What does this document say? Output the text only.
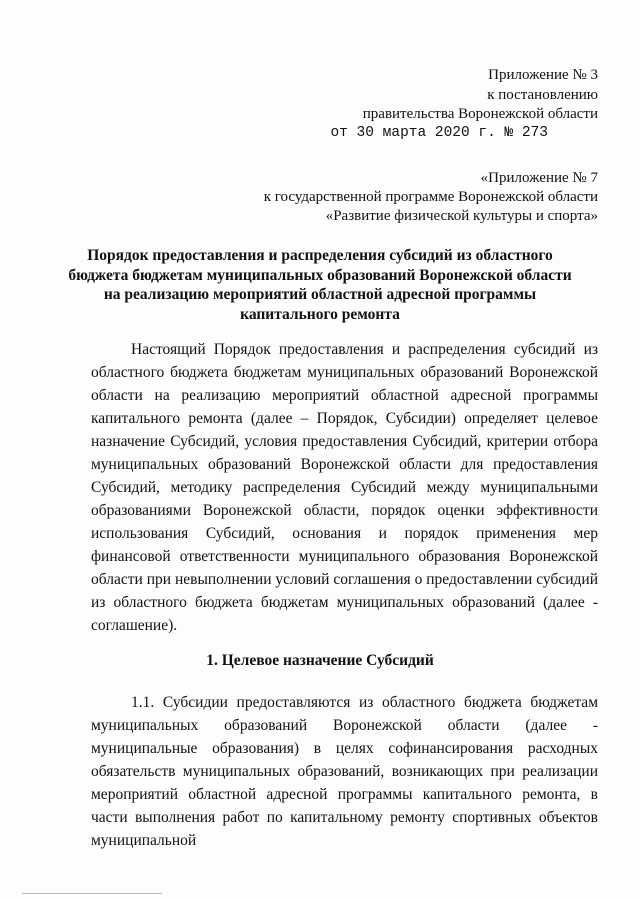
Приложение № 3
к постановлению
правительства Воронежской области
от 30 марта 2020 г. № 273
«Приложение № 7
к государственной программе Воронежской области
«Развитие физической культуры и спорта»
Порядок предоставления и распределения субсидий из областного
бюджета бюджетам муниципальных образований Воронежской области
на реализацию мероприятий областной адресной программы
капитального ремонта
Настоящий Порядок предоставления и распределения субсидий из областного бюджета бюджетам муниципальных образований Воронежской области на реализацию мероприятий областной адресной программы капитального ремонта (далее – Порядок, Субсидии) определяет целевое назначение Субсидий, условия предоставления Субсидий, критерии отбора муниципальных образований Воронежской области для предоставления Субсидий, методику распределения Субсидий между муниципальными образованиями Воронежской области, порядок оценки эффективности использования Субсидий, основания и порядок применения мер финансовой ответственности муниципального образования Воронежской области при невыполнении условий соглашения о предоставлении субсидий из областного бюджета бюджетам муниципальных образований (далее - соглашение).
1. Целевое назначение Субсидий
1.1. Субсидии предоставляются из областного бюджета бюджетам муниципальных образований Воронежской области (далее - муниципальные образования) в целях софинансирования расходных обязательств муниципальных образований, возникающих при реализации мероприятий областной адресной программы капитального ремонта, в части выполнения работ по капитальному ремонту спортивных объектов муниципальной
